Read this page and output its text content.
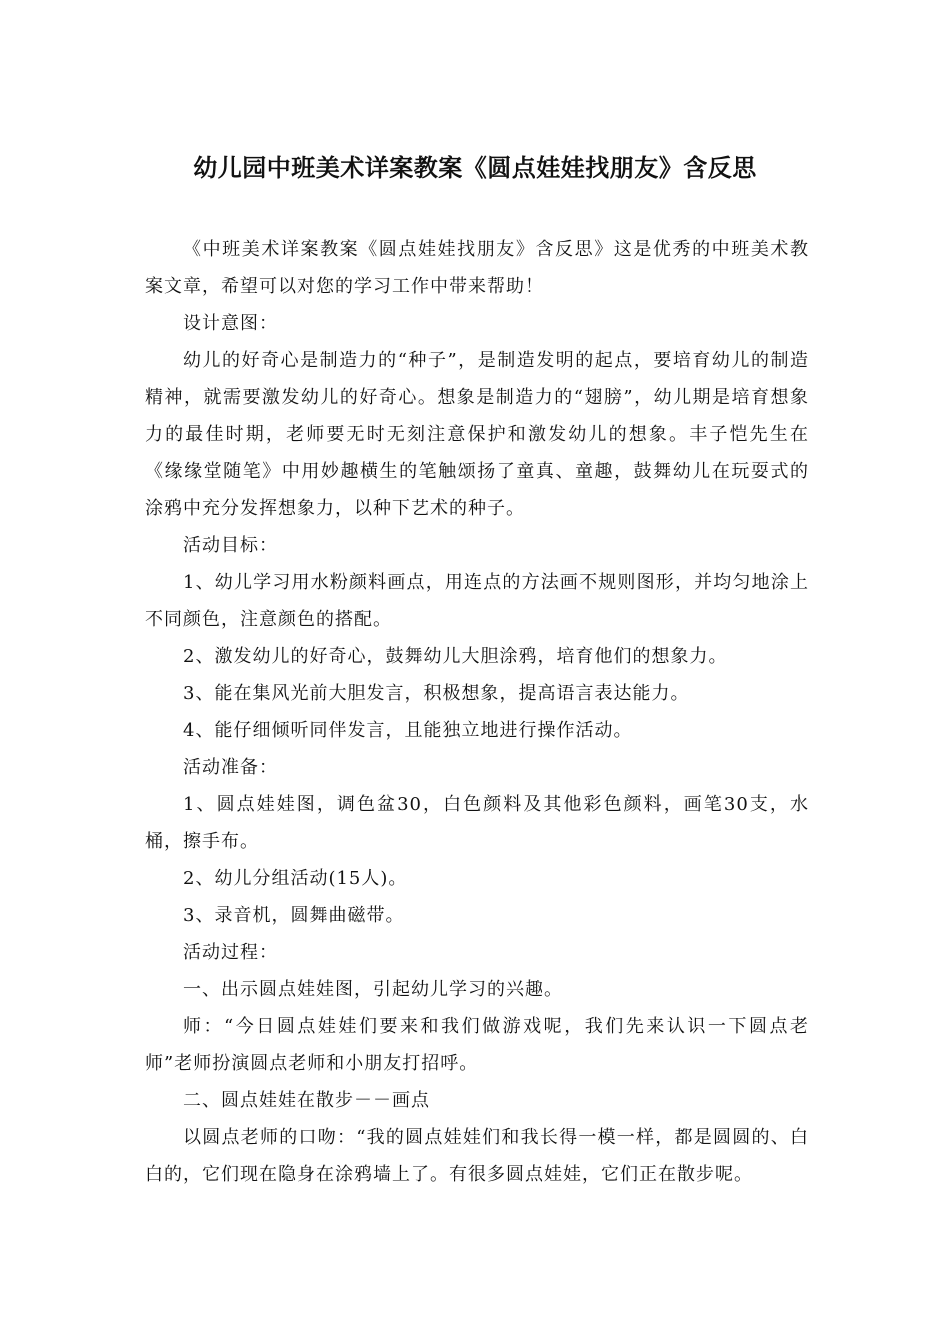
幼儿园中班美术详案教案《圆点娃娃找朋友》含反思

《中班美术详案教案《圆点娃娃找朋友》含反思》这是优秀的中班美术教案文章，希望可以对您的学习工作中带来帮助！

设计意图：

幼儿的好奇心是制造力的“种子”，是制造发明的起点，要培育幼儿的制造精神，就需要激发幼儿的好奇心。想象是制造力的“翅膀”，幼儿期是培育想象力的最佳时期，老师要无时无刻注意保护和激发幼儿的想象。丰子恺先生在《缘缘堂随笔》中用妙趣横生的笔触颂扬了童真、童趣，鼓舞幼儿在玩耍式的涂鸦中充分发挥想象力，以种下艺术的种子。

活动目标：

1、幼儿学习用水粉颜料画点，用连点的方法画不规则图形，并均匀地涂上不同颜色，注意颜色的搭配。

2、激发幼儿的好奇心，鼓舞幼儿大胆涂鸦，培育他们的想象力。

3、能在集风光前大胆发言，积极想象，提高语言表达能力。

4、能仔细倾听同伴发言，且能独立地进行操作活动。

活动准备：

1、圆点娃娃图，调色盆30，白色颜料及其他彩色颜料，画笔30支，水桶，擦手布。

2、幼儿分组活动(15人)。

3、录音机，圆舞曲磁带。

活动过程：

一、出示圆点娃娃图，引起幼儿学习的兴趣。

师：“今日圆点娃娃们要来和我们做游戏呢，我们先来认识一下圆点老师”老师扮演圆点老师和小朋友打招呼。

二、圆点娃娃在散步－－画点

以圆点老师的口吻：“我的圆点娃娃们和我长得一模一样，都是圆圆的、白白的，它们现在隐身在涂鸦墙上了。有很多圆点娃娃，它们正在散步呢。
